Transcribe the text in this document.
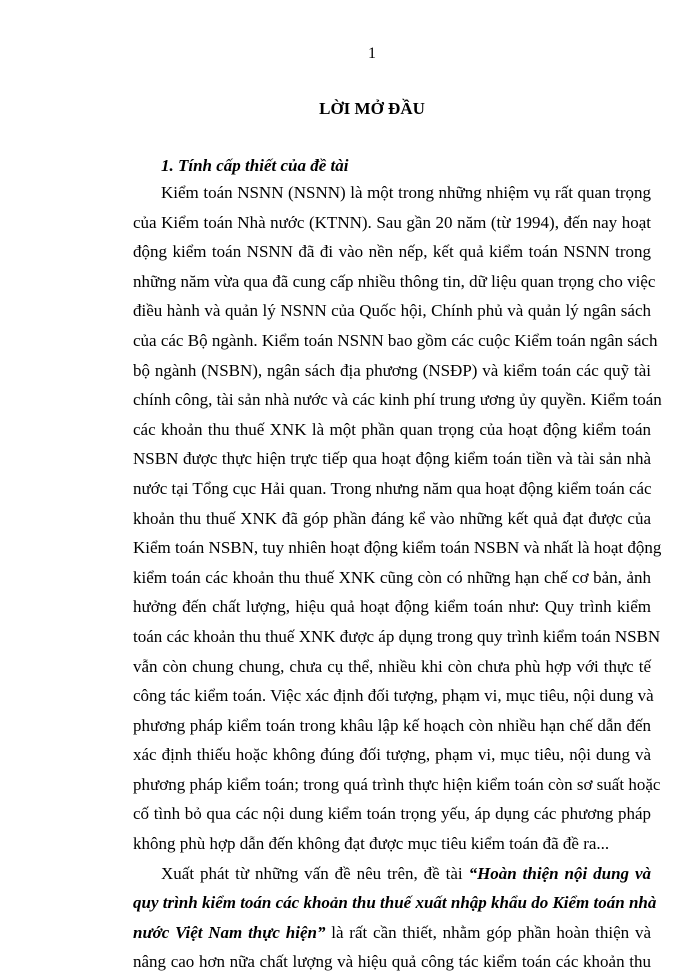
1
LỜI MỞ ĐẦU
1. Tính cấp thiết của đề tài
Kiểm toán NSNN (NSNN) là một trong những nhiệm vụ rất quan trọng
của Kiểm toán Nhà nước (KTNN). Sau gần 20 năm (từ 1994), đến nay hoạt
động kiểm toán NSNN đã đi vào nền nếp, kết quả kiểm toán NSNN trong
những năm vừa qua đã cung cấp nhiều thông tin, dữ liệu quan trọng cho việc
điều hành và quản lý NSNN của Quốc hội, Chính phủ và quản lý ngân sách
của các Bộ ngành. Kiểm toán NSNN bao gồm các cuộc Kiểm toán ngân sách
bộ ngành (NSBN), ngân sách địa phương (NSĐP) và kiểm toán các quỹ tài
chính công, tài sản nhà nước và các kinh phí trung ương ủy quyền. Kiểm toán
các khoản thu thuế XNK là một phần quan trọng của hoạt động kiểm toán
NSBN được thực hiện trực tiếp qua hoạt động kiểm toán tiền và tài sản nhà
nước tại Tổng cục Hải quan. Trong nhưng năm qua hoạt động kiểm toán các
khoản thu thuế XNK đã góp phần đáng kể vào những kết quả đạt được của
Kiểm toán NSBN, tuy nhiên hoạt động kiểm toán NSBN và nhất là hoạt động
kiểm toán các khoản thu thuế XNK cũng còn có những hạn chế cơ bản, ảnh
hưởng đến chất lượng, hiệu quả hoạt động kiểm toán như: Quy trình kiểm
toán các khoản thu thuế XNK được áp dụng trong quy trình kiểm toán NSBN
vẫn còn chung chung, chưa cụ thể, nhiều khi còn chưa phù hợp với thực tế
công tác kiểm toán. Việc xác định đối tượng, phạm vi, mục tiêu, nội dung và
phương pháp kiểm toán trong khâu lập kế hoạch còn nhiều hạn chế dẫn đến
xác định thiếu hoặc không đúng đối tượng, phạm vi, mục tiêu, nội dung và
phương pháp kiểm toán; trong quá trình thực hiện kiểm toán còn sơ suất hoặc
cố tình bỏ qua các nội dung kiểm toán trọng yếu, áp dụng các phương pháp
không phù hợp dẫn đến không đạt được mục tiêu kiểm toán đã đề ra...
Xuất phát từ những vấn đề nêu trên, đề tài “Hoàn thiện nội dung và
quy trình kiểm toán các khoản thu thuế xuất nhập khẩu do Kiểm toán nhà
nước Việt Nam thực hiện” là rất cần thiết, nhằm góp phần hoàn thiện và
nâng cao hơn nữa chất lượng và hiệu quả công tác kiểm toán các khoản thu
